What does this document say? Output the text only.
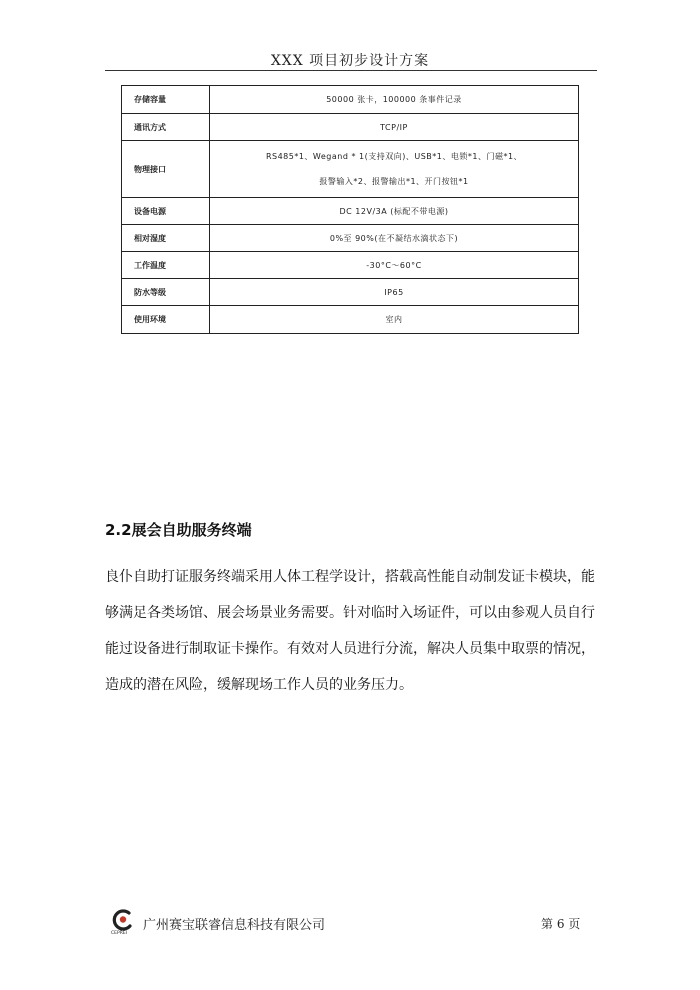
XXX 项目初步设计方案
存储容量	50000 张卡，100000 条事件记录

通讯方式	TCP/IP

物理接口	RS485*1、Wegand * 1(支持双向)、USB*1、电锁*1、门磁*1、
报警输入*2、报警输出*1、开门按钮*1

设备电源	DC 12V/3A (标配不带电源)

相对湿度	0%至 90%(在不凝结水滴状态下)

工作温度	-30°C～60°C

防水等级	IP65

使用环境	室内
2.2展会自助服务终端
良仆自助打证服务终端采用人体工程学设计，搭载高性能自动制发证卡模块，能
够满足各类场馆、展会场景业务需要。针对临时入场证件，可以由参观人员自行
能过设备进行制取证卡操作。有效对人员进行分流，解决人员集中取票的情况，
造成的潜在风险，缓解现场工作人员的业务压力。
CEPREI
广州赛宝联睿信息科技有限公司	第 6 页
